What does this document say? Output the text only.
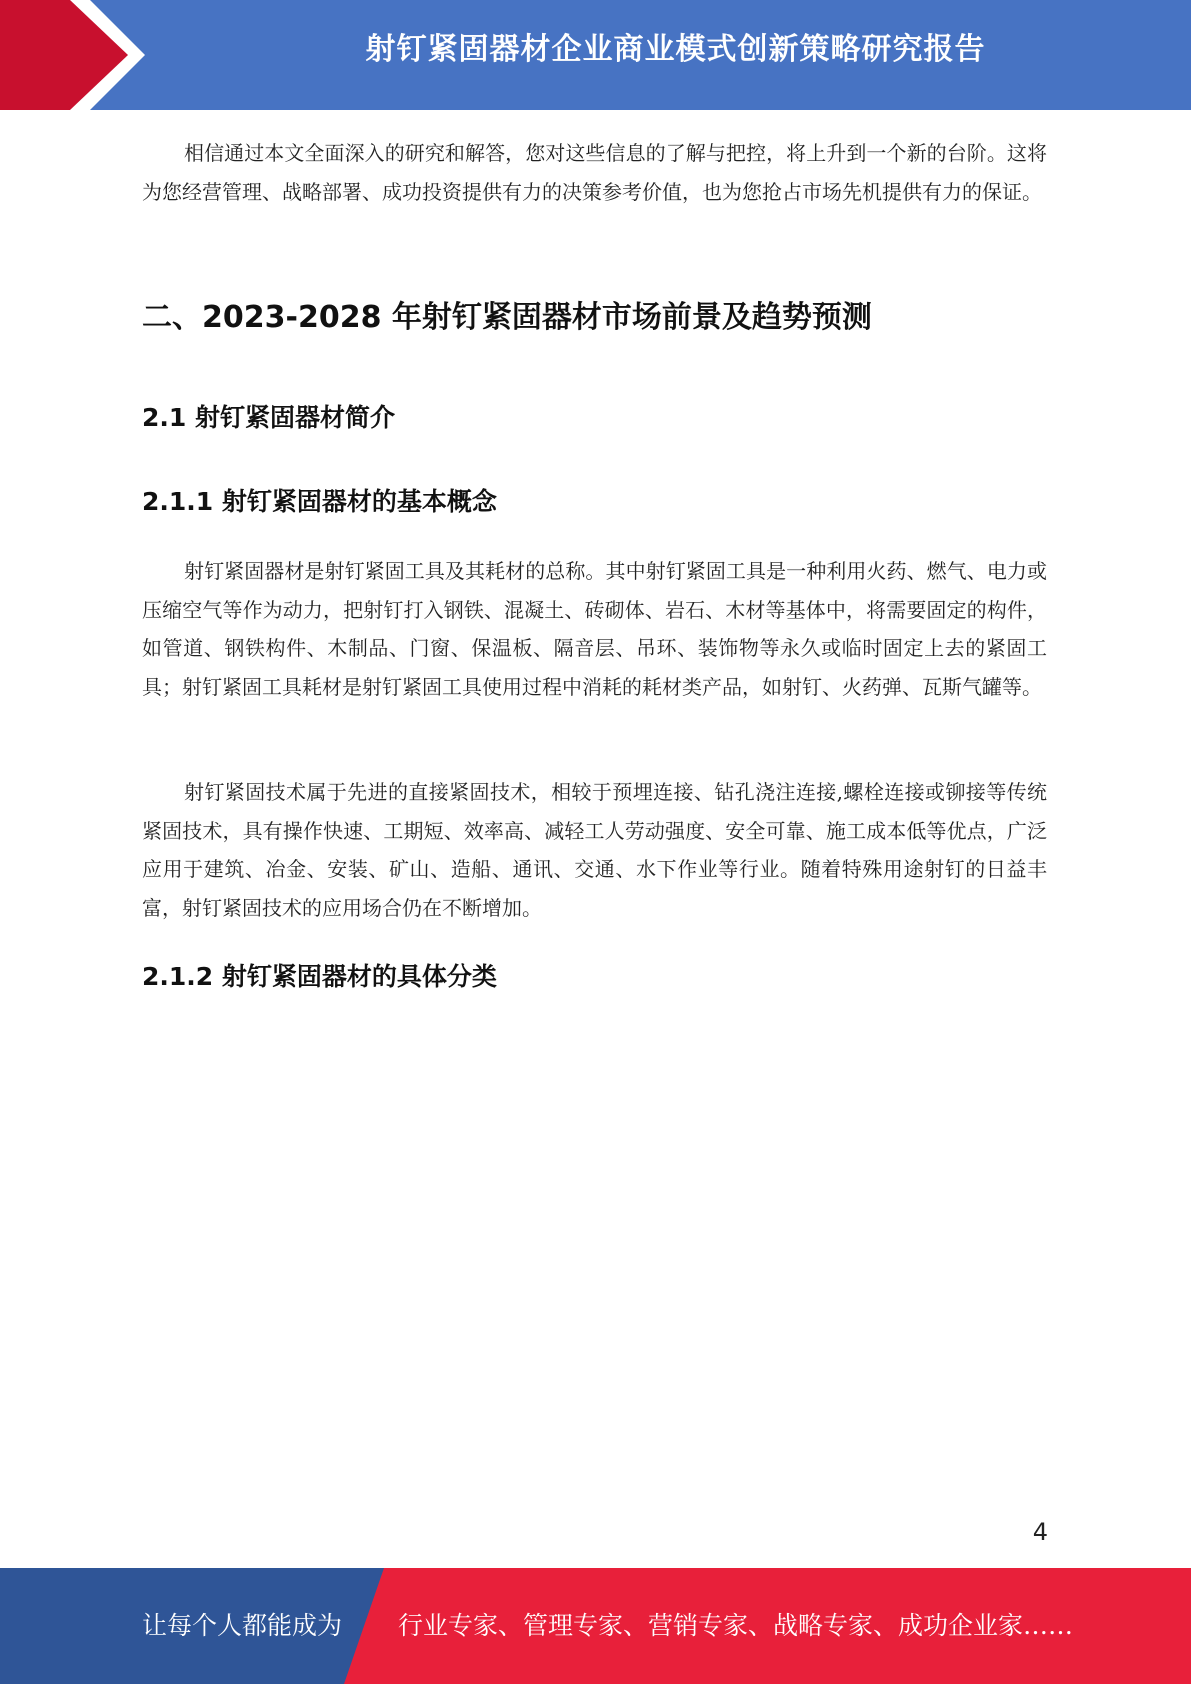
射钉紧固器材企业商业模式创新策略研究报告

相信通过本文全面深入的研究和解答，您对这些信息的了解与把控，将上升到一个新的台阶。这将为您经营管理、战略部署、成功投资提供有力的决策参考价值，也为您抢占市场先机提供有力的保证。

二、2023-2028 年射钉紧固器材市场前景及趋势预测
2.1 射钉紧固器材简介
2.1.1 射钉紧固器材的基本概念

射钉紧固器材是射钉紧固工具及其耗材的总称。其中射钉紧固工具是一种利用火药、燃气、电力或压缩空气等作为动力，把射钉打入钢铁、混凝土、砖砌体、岩石、木材等基体中，将需要固定的构件，如管道、钢铁构件、木制品、门窗、保温板、隔音层、吊环、装饰物等永久或临时固定上去的紧固工具；射钉紧固工具耗材是射钉紧固工具使用过程中消耗的耗材类产品，如射钉、火药弹、瓦斯气罐等。

射钉紧固技术属于先进的直接紧固技术，相较于预埋连接、钻孔浇注连接,螺栓连接或铆接等传统紧固技术，具有操作快速、工期短、效率高、减轻工人劳动强度、安全可靠、施工成本低等优点，广泛应用于建筑、冶金、安装、矿山、造船、通讯、交通、水下作业等行业。随着特殊用途射钉的日益丰富，射钉紧固技术的应用场合仍在不断增加。

2.1.2 射钉紧固器材的具体分类
4
让每个人都能成为 行业专家、管理专家、营销专家、战略专家、成功企业家……
